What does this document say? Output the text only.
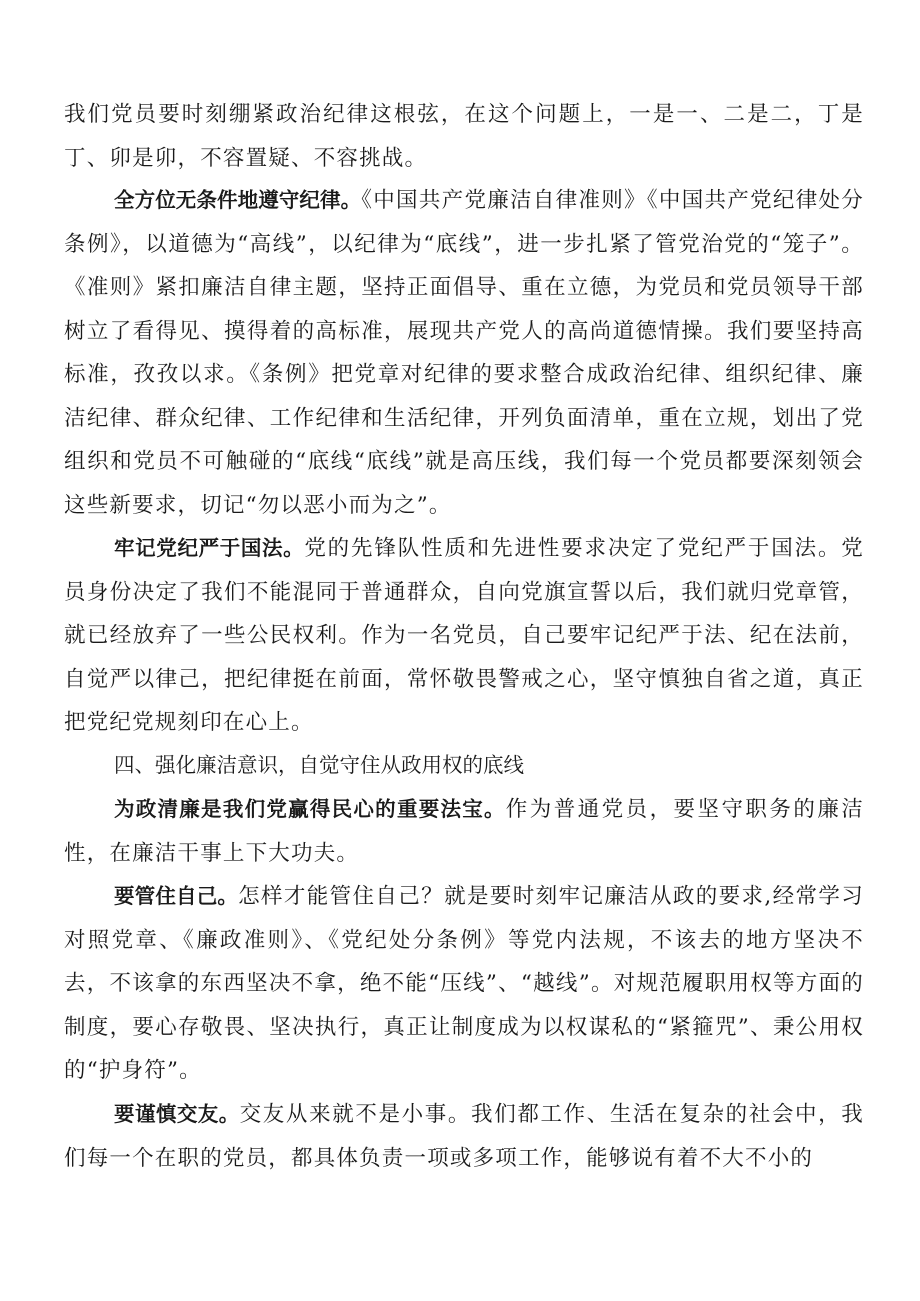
我们党员要时刻绷紧政治纪律这根弦，在这个问题上，一是一、二是二，丁是丁、卯是卯，不容置疑、不容挑战。

全方位无条件地遵守纪律。《中国共产党廉洁自律准则》《中国共产党纪律处分条例》，以道德为“高线”，以纪律为“底线”，进一步扎紧了管党治党的“笼子”。《准则》紧扣廉洁自律主题，坚持正面倡导、重在立德，为党员和党员领导干部树立了看得见、摸得着的高标准，展现共产党人的高尚道德情操。我们要坚持高标准，孜孜以求。《条例》把党章对纪律的要求整合成政治纪律、组织纪律、廉洁纪律、群众纪律、工作纪律和生活纪律，开列负面清单，重在立规，划出了党组织和党员不可触碰的“底线“底线”就是高压线，我们每一个党员都要深刻领会这些新要求，切记“勿以恶小而为之”。

牢记党纪严于国法。党的先锋队性质和先进性要求决定了党纪严于国法。党员身份决定了我们不能混同于普通群众，自向党旗宣誓以后，我们就归党章管，就已经放弃了一些公民权利。作为一名党员，自己要牢记纪严于法、纪在法前，自觉严以律己，把纪律挺在前面，常怀敬畏警戒之心，坚守慎独自省之道，真正把党纪党规刻印在心上。

四、强化廉洁意识，自觉守住从政用权的底线

为政清廉是我们党赢得民心的重要法宝。作为普通党员，要坚守职务的廉洁性，在廉洁干事上下大功夫。

要管住自己。怎样才能管住自己？就是要时刻牢记廉洁从政的要求,经常学习对照党章、《廉政准则》、《党纪处分条例》等党内法规，不该去的地方坚决不去，不该拿的东西坚决不拿，绝不能“压线”、“越线”。对规范履职用权等方面的制度，要心存敬畏、坚决执行，真正让制度成为以权谋私的“紧箍咒”、秉公用权的“护身符”。

要谨慎交友。交友从来就不是小事。我们都工作、生活在复杂的社会中，我们每一个在职的党员，都具体负责一项或多项工作，能够说有着不大不小的
